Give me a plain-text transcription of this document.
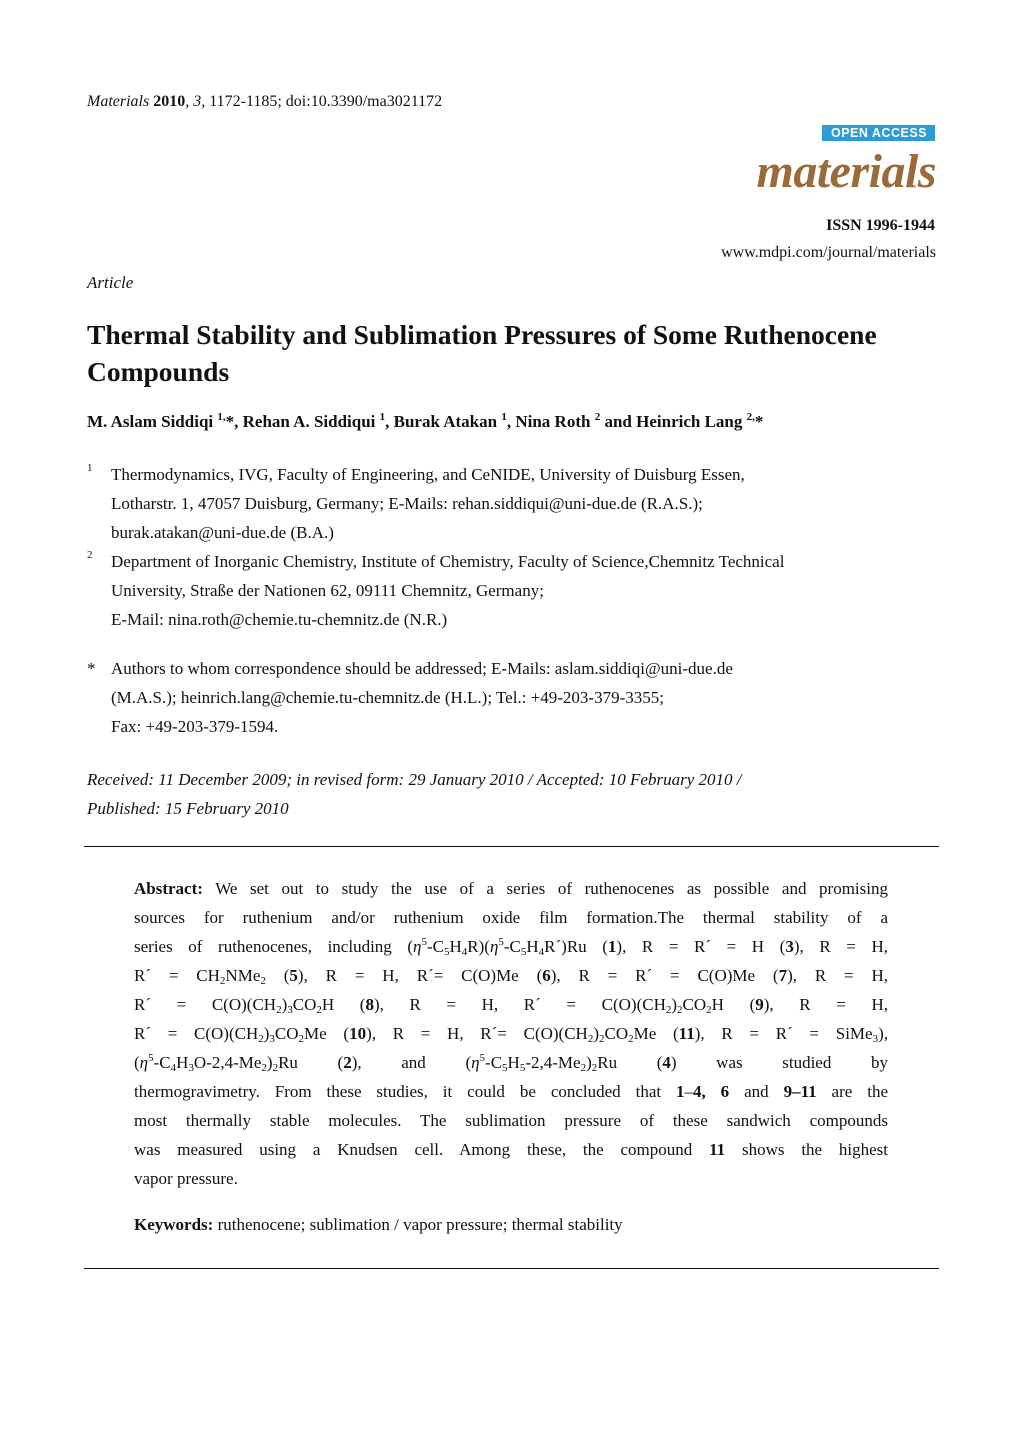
Materials 2010, 3, 1172-1185; doi:10.3390/ma3021172
OPEN ACCESS
materials
ISSN 1996-1944
www.mdpi.com/journal/materials
Article
Thermal Stability and Sublimation Pressures of Some Ruthenocene Compounds
M. Aslam Siddiqi $^{1,}$*, Rehan A. Siddiqui $^1$, Burak Atakan $^1$, Nina Roth $^2$ and Heinrich Lang $^{2,}$*
1 Thermodynamics, IVG, Faculty of Engineering, and CeNIDE, University of Duisburg Essen,
Lotharstr. 1, 47057 Duisburg, Germany; E-Mails: rehan.siddiqui@uni-due.de (R.A.S.);
burak.atakan@uni-due.de (B.A.)
2 Department of Inorganic Chemistry, Institute of Chemistry, Faculty of Science,Chemnitz Technical
University, Straße der Nationen 62, 09111 Chemnitz, Germany;
E-Mail: nina.roth@chemie.tu-chemnitz.de (N.R.)
* Authors to whom correspondence should be addressed; E-Mails: aslam.siddiqi@uni-due.de
(M.A.S.); heinrich.lang@chemie.tu-chemnitz.de (H.L.); Tel.: +49-203-379-3355;
Fax: +49-203-379-1594.
Received: 11 December 2009; in revised form: 29 January 2010 / Accepted: 10 February 2010 /
Published: 15 February 2010
Abstract: We set out to study the use of a series of ruthenocenes as possible and promising
sources for ruthenium and/or ruthenium oxide film formation.The thermal stability of a
series of ruthenocenes, including $(\eta^5-C_5H_4R)(\eta^5-C_5H_4R´)Ru$ (1), R = R´ = H (3), R = H,
R´ = $CH_2NMe_2$ (5), R = H, R´= C(O)Me (6), R = R´ = C(O)Me (7), R = H,
R´ = $C(O)(CH_2)_3CO_2H$ (8), R = H, R´ = $C(O)(CH_2)_2CO_2H$ (9), R = H,
R´ = $C(O)(CH_2)_3CO_2Me$ (10), R = H, R´= $C(O)(CH_2)_2CO_2Me$ (11), R = R´ = SiMe$_3$),
$(\eta^5-C_4H_3O-2,4-Me_2)_2Ru$ (2), and $(\eta^5-C_5H_5-2,4-Me_2)_2Ru$ (4) was studied by
thermogravimetry. From these studies, it could be concluded that 1–4, 6 and 9–11 are the
most thermally stable molecules. The sublimation pressure of these sandwich compounds
was measured using a Knudsen cell. Among these, the compound 11 shows the highest
vapor pressure.
Keywords: ruthenocene; sublimation / vapor pressure; thermal stability
